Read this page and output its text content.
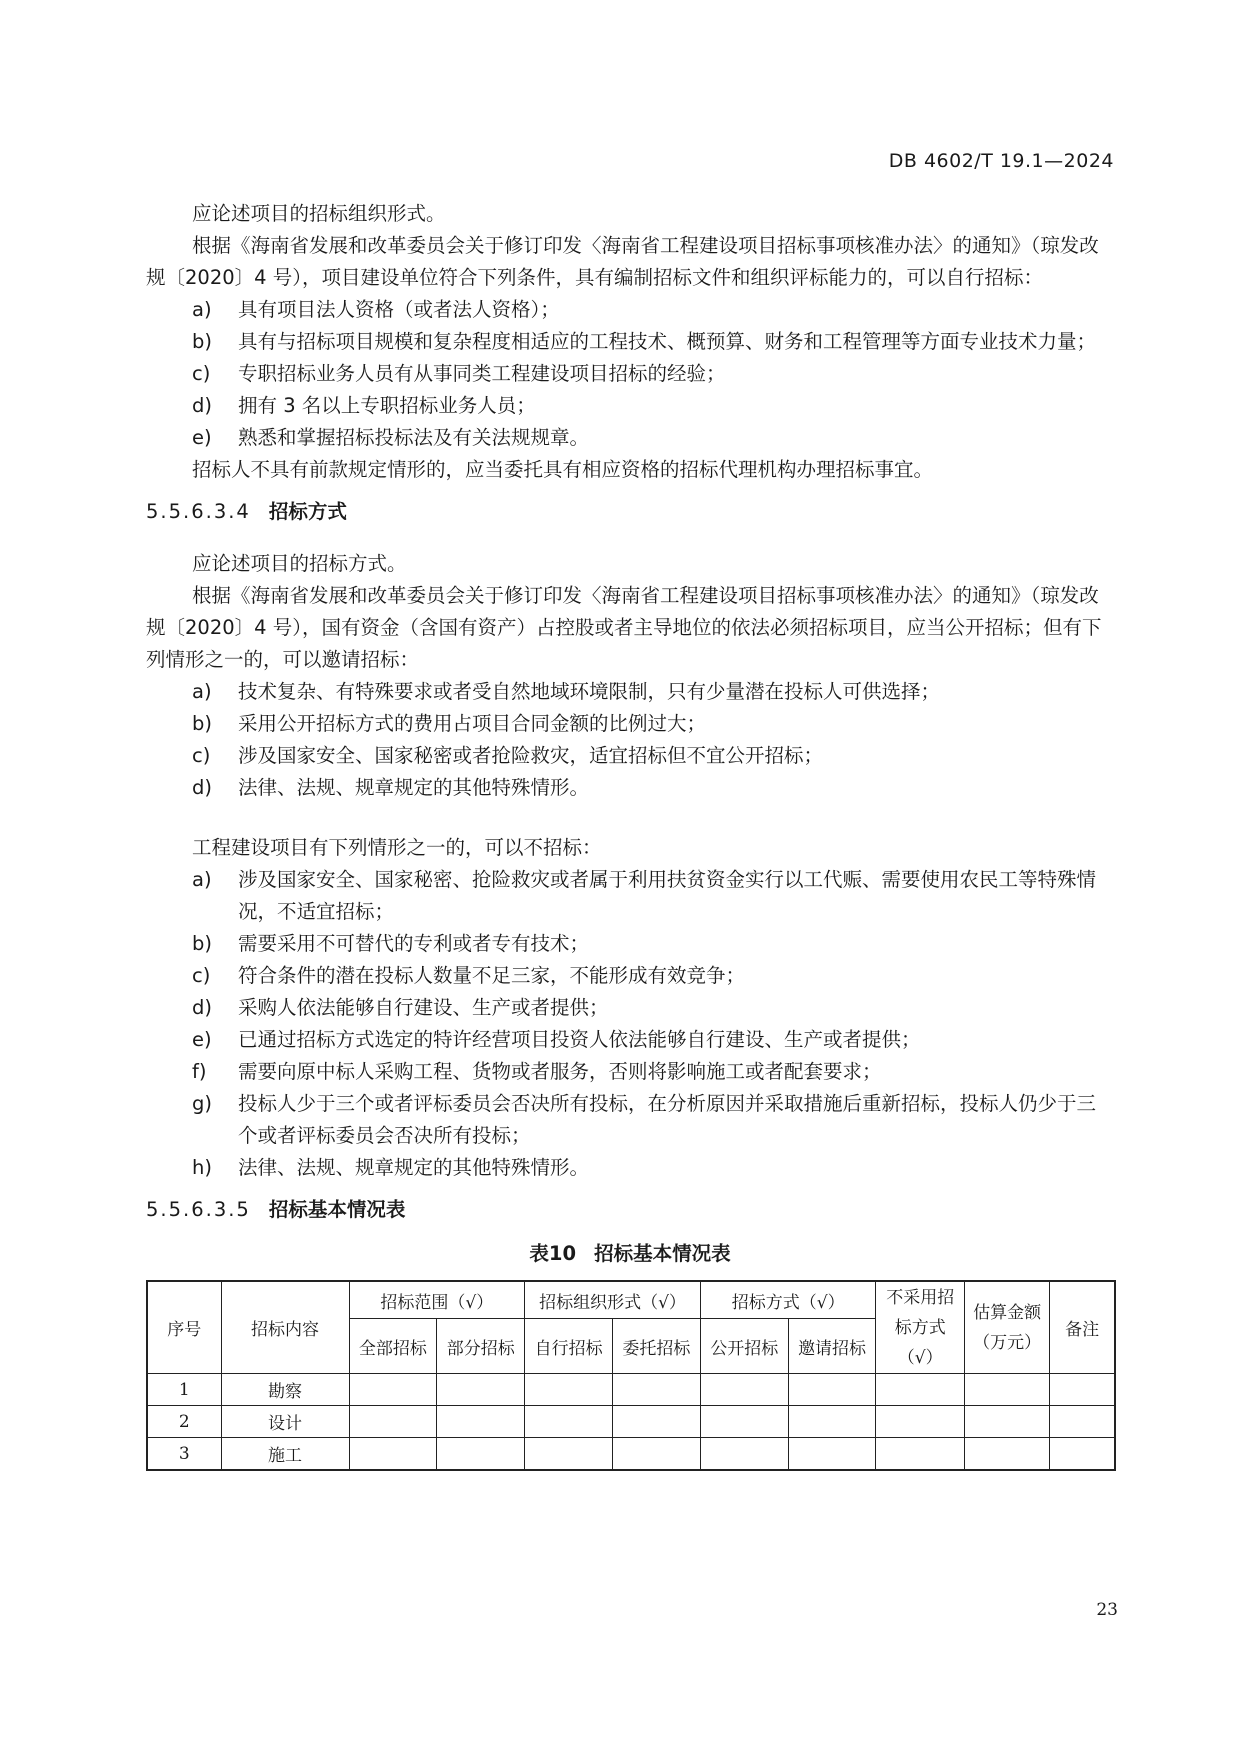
DB 4602/T 19.1—2024

应论述项目的招标组织形式。

根据《海南省发展和改革委员会关于修订印发〈海南省工程建设项目招标事项核准办法〉的通知》（琼发改规〔2020〕4 号），项目建设单位符合下列条件，具有编制招标文件和组织评标能力的，可以自行招标：

a)	具有项目法人资格（或者法人资格）；
b)	具有与招标项目规模和复杂程度相适应的工程技术、概预算、财务和工程管理等方面专业技术力量；
c)	专职招标业务人员有从事同类工程建设项目招标的经验；
d)	拥有 3 名以上专职招标业务人员；
e)	熟悉和掌握招标投标法及有关法规规章。

招标人不具有前款规定情形的，应当委托具有相应资格的招标代理机构办理招标事宜。

5.5.6.3.4 招标方式

应论述项目的招标方式。

根据《海南省发展和改革委员会关于修订印发〈海南省工程建设项目招标事项核准办法〉的通知》（琼发改规〔2020〕4 号），国有资金（含国有资产）占控股或者主导地位的依法必须招标项目，应当公开招标；但有下列情形之一的，可以邀请招标：

a)	技术复杂、有特殊要求或者受自然地域环境限制，只有少量潜在投标人可供选择；
b)	采用公开招标方式的费用占项目合同金额的比例过大；
c)	涉及国家安全、国家秘密或者抢险救灾，适宜招标但不宜公开招标；
d)	法律、法规、规章规定的其他特殊情形。

工程建设项目有下列情形之一的，可以不招标：

a)	涉及国家安全、国家秘密、抢险救灾或者属于利用扶贫资金实行以工代赈、需要使用农民工等特殊情况，不适宜招标；
b)	需要采用不可替代的专利或者专有技术；
c)	符合条件的潜在投标人数量不足三家，不能形成有效竞争；
d)	采购人依法能够自行建设、生产或者提供；
e)	已通过招标方式选定的特许经营项目投资人依法能够自行建设、生产或者提供；
f)	需要向原中标人采购工程、货物或者服务，否则将影响施工或者配套要求；
g)	投标人少于三个或者评标委员会否决所有投标，在分析原因并采取措施后重新招标，投标人仍少于三个或者评标委员会否决所有投标；
h)	法律、法规、规章规定的其他特殊情形。
5.5.6.3.5 招标基本情况表
表10 招标基本情况表
序号	招标内容	招标范围（√）		招标组织形式（√）		招标方式（√）		不采用招标方式（√）	估算金额（万元）	备注
		全部招标	部分招标	自行招标	委托招标	公开招标	邀请招标			
1	勘察									
2	设计									
3	施工									
23
